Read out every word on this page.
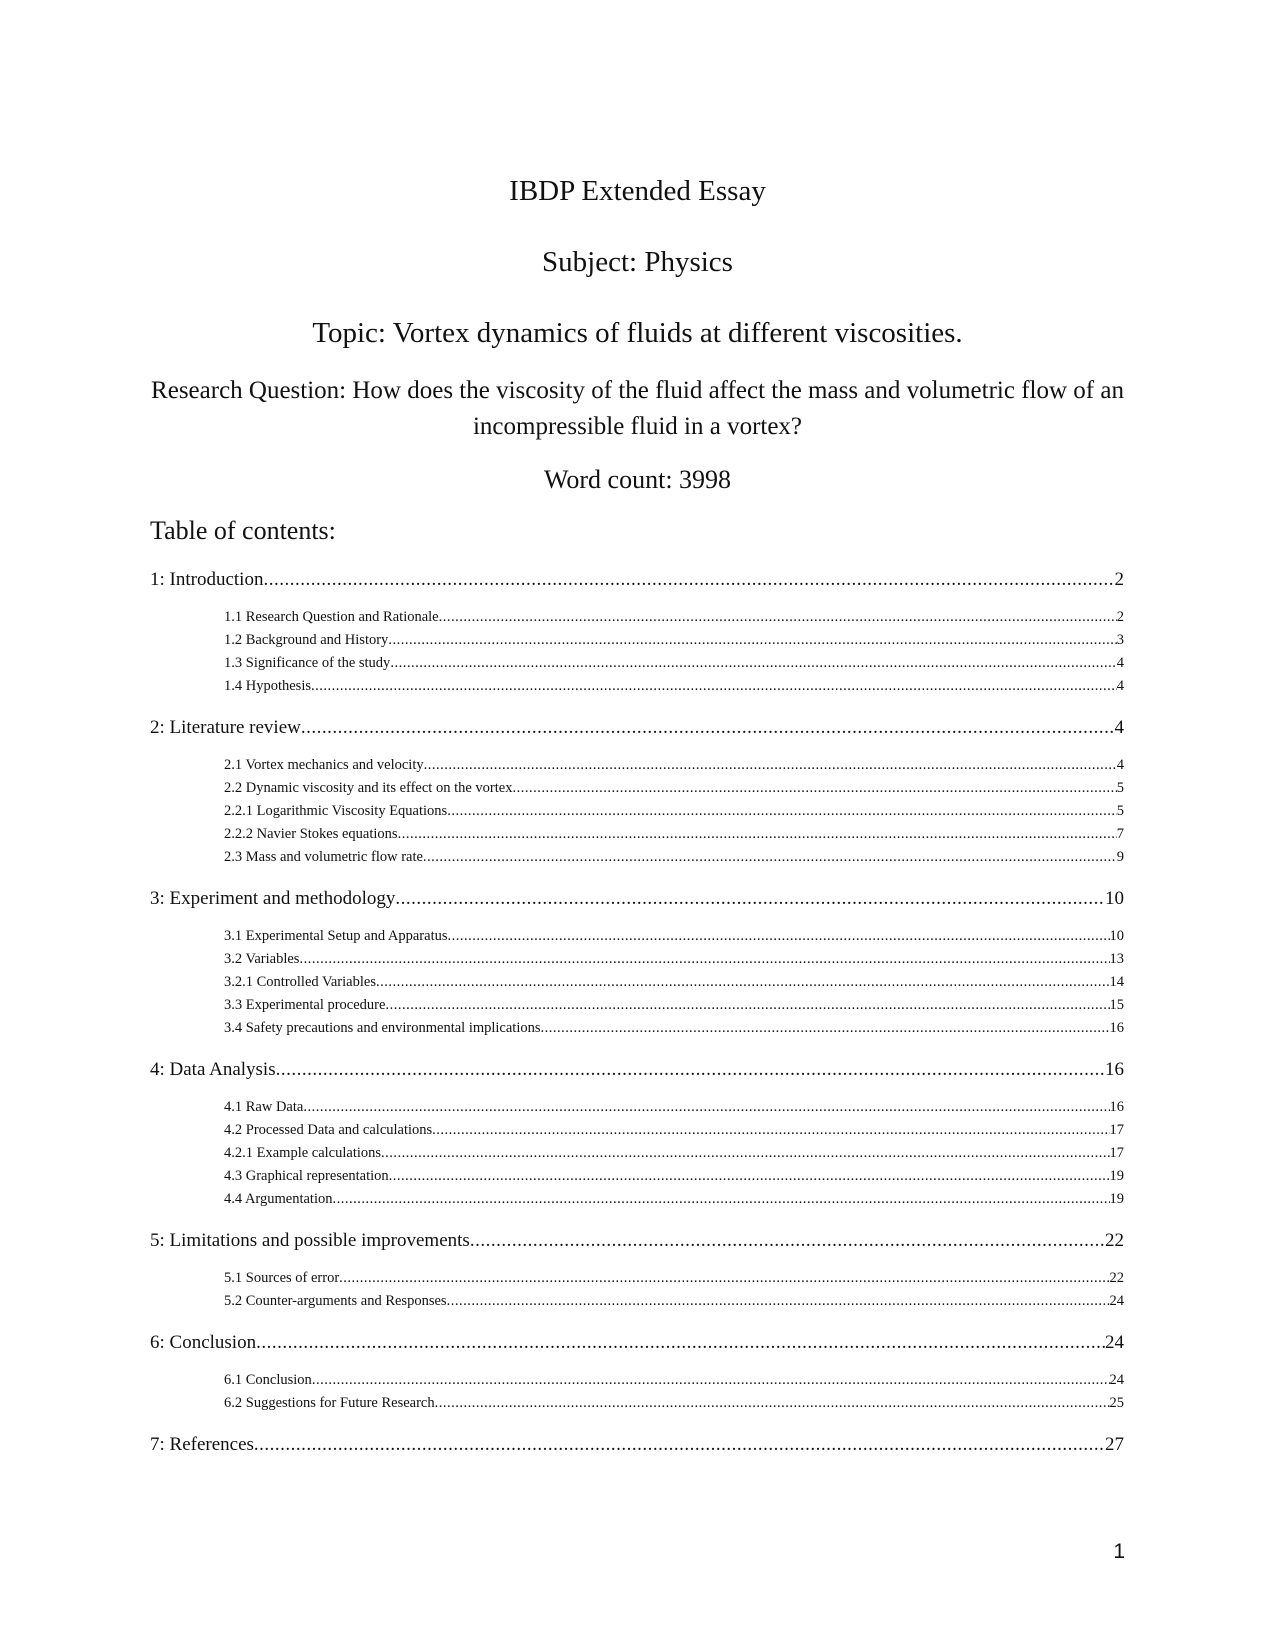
IBDP Extended Essay
Subject: Physics
Topic: Vortex dynamics of fluids at different viscosities.
Research Question: How does the viscosity of the fluid affect the mass and volumetric flow of an incompressible fluid in a vortex?
Word count: 3998
Table of contents:
1: Introduction .....	2
1.1 Research Question and Rationale .....	2
1.2 Background and History .....	3
1.3 Significance of the study .....	4
1.4 Hypothesis .....	4
2: Literature review .....	4
2.1 Vortex mechanics and velocity .....	4
2.2 Dynamic viscosity and its effect on the vortex .....	5
2.2.1 Logarithmic Viscosity Equations .....	5
2.2.2 Navier Stokes equations .....	7
2.3 Mass and volumetric flow rate .....	9
3: Experiment and methodology .....	10
3.1 Experimental Setup and Apparatus .....	10
3.2 Variables .....	13
3.2.1 Controlled Variables .....	14
3.3 Experimental procedure .....	15
3.4 Safety precautions and environmental implications .....	16
4: Data Analysis .....	16
4.1 Raw Data .....	16
4.2 Processed Data and calculations .....	17
4.2.1 Example calculations .....	17
4.3 Graphical representation .....	19
4.4 Argumentation .....	19
5: Limitations and possible improvements .....	22
5.1 Sources of error .....	22
5.2 Counter-arguments and Responses .....	24
6: Conclusion .....	24
6.1 Conclusion .....	24
6.2 Suggestions for Future Research .....	25
7: References .....	27
1
